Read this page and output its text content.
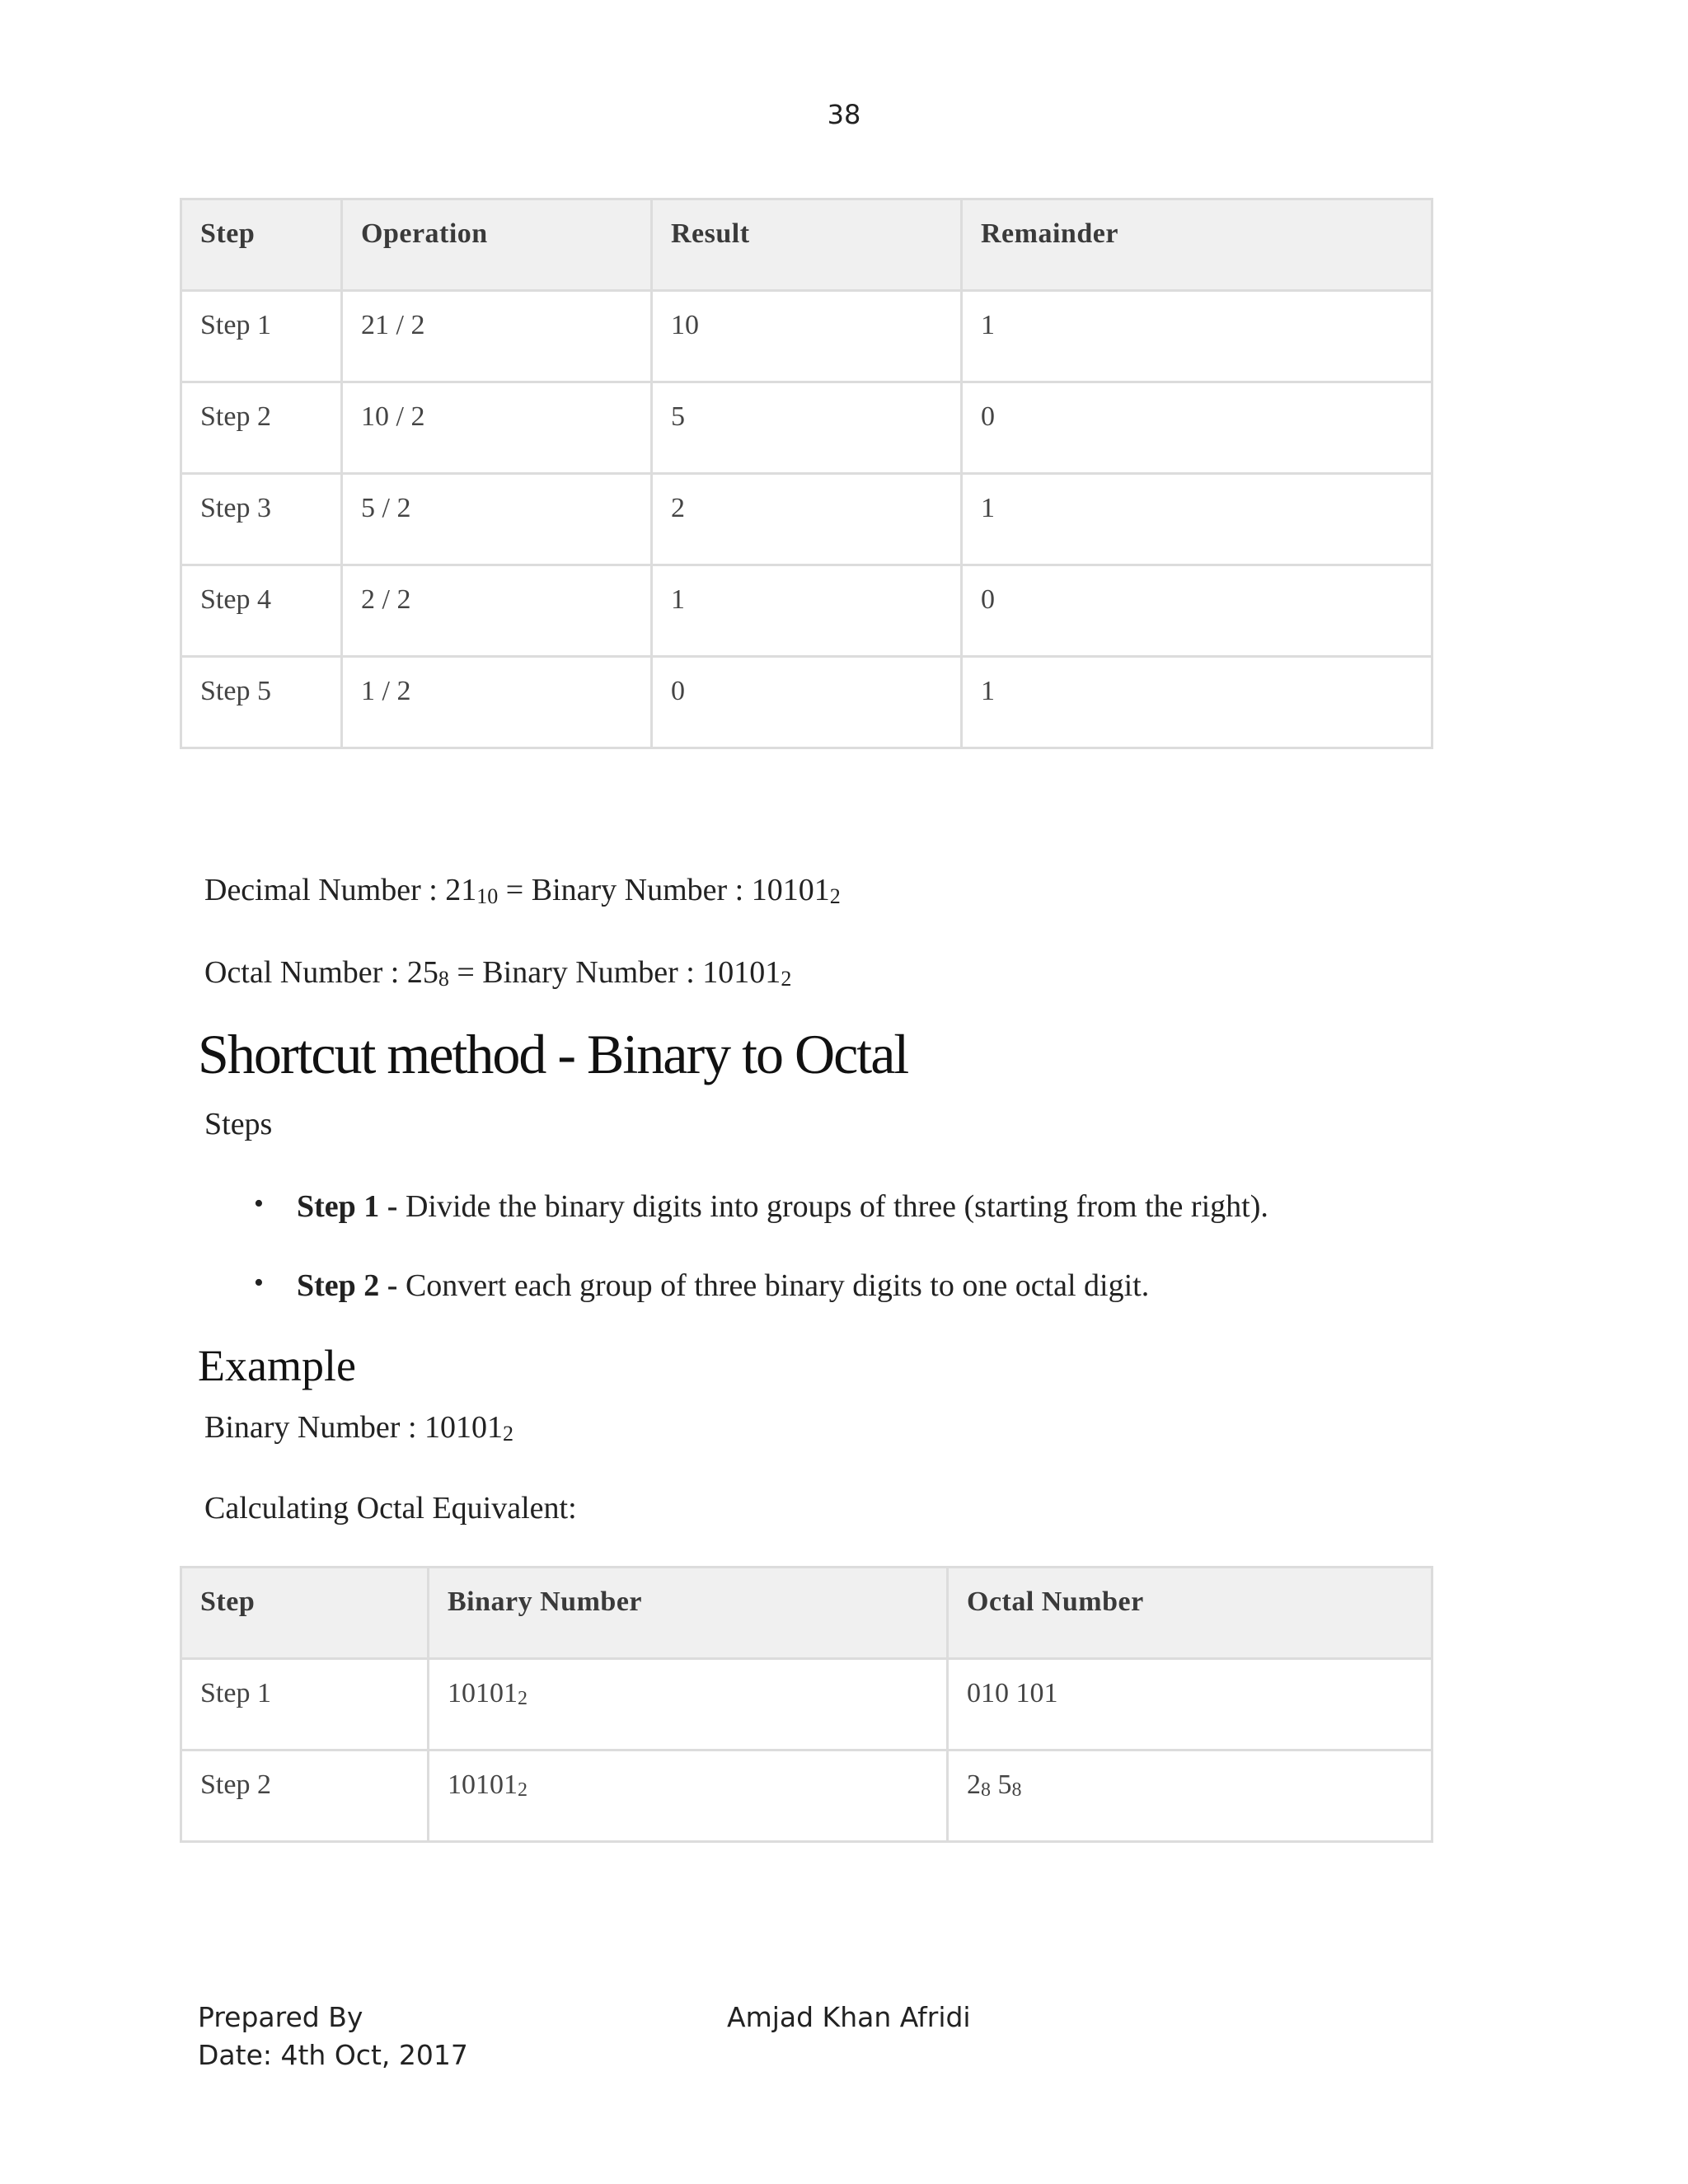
38
Step	Operation	Result	Remainder
Step 1	21 / 2	10	1
Step 2	10 / 2	5	0
Step 3	5 / 2	2	1
Step 4	2 / 2	1	0
Step 5	1 / 2	0	1
Decimal Number : $21_{10}$ = Binary Number : $10101_2$
Octal Number : $25_8$ = Binary Number : $10101_2$
Shortcut method - Binary to Octal
Steps
• Step 1 - Divide the binary digits into groups of three (starting from the right).
• Step 2 - Convert each group of three binary digits to one octal digit.
Example
Binary Number : $10101_2$
Calculating Octal Equivalent:
Step	Binary Number	Octal Number
Step 1	$10101_2$	010 101
Step 2	$10101_2$	$2_8$ $5_8$
Prepared By
Date: 4th Oct, 2017
Amjad Khan Afridi
